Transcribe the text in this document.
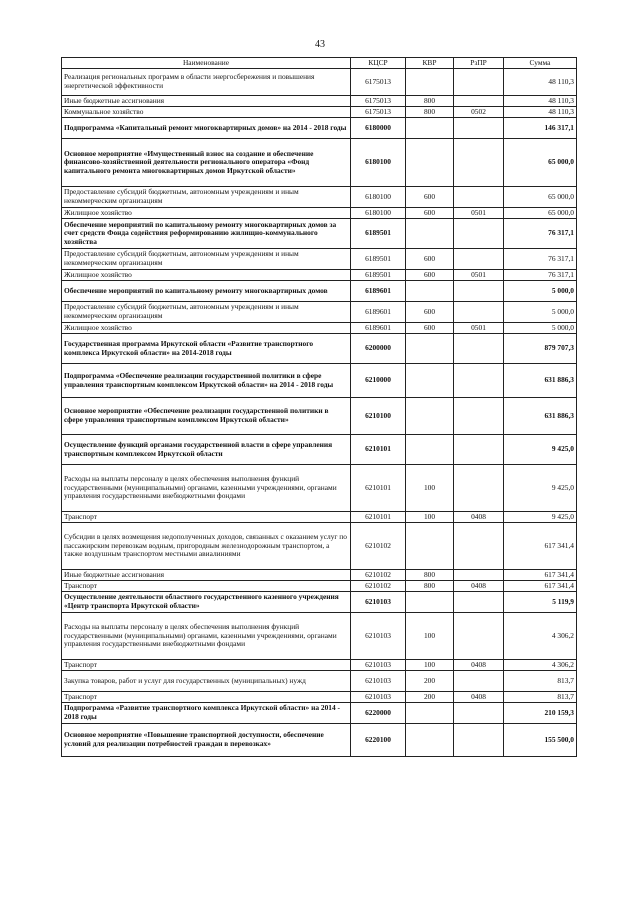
43
Наименование	КЦСР	КВР	РзПР	Сумма
Реализация региональных программ в области энергосбережения и повышения энергетической эффективности	6175013			48 110,3
Иные бюджетные ассигнования	6175013	800		48 110,3
Коммунальное хозяйство	6175013	800	0502	48 110,3
Подпрограмма «Капитальный ремонт многоквартирных домов» на 2014 - 2018 годы	6180000			146 317,1
Основное мероприятие «Имущественный взнос на создание и обеспечение финансово-хозяйственной деятельности регионального оператора «Фонд капитального ремонта многоквартирных домов Иркутской области»	6180100			65 000,0
Предоставление субсидий бюджетным, автономным учреждениям и иным некоммерческим организациям	6180100	600		65 000,0
Жилищное хозяйство	6180100	600	0501	65 000,0
Обеспечение мероприятий по капитальному ремонту многоквартирных домов за счет средств Фонда содействия реформированию жилищно-коммунального хозяйства	6189501			76 317,1
Предоставление субсидий бюджетным, автономным учреждениям и иным некоммерческим организациям	6189501	600		76 317,1
Жилищное хозяйство	6189501	600	0501	76 317,1
Обеспечение мероприятий по капитальному ремонту многоквартирных домов	6189601			5 000,0
Предоставление субсидий бюджетным, автономным учреждениям и иным некоммерческим организациям	6189601	600		5 000,0
Жилищное хозяйство	6189601	600	0501	5 000,0
Государственная программа Иркутской области «Развитие транспортного комплекса Иркутской области» на 2014-2018 годы	6200000			879 707,3
Подпрограмма «Обеспечение реализации государственной политики в сфере управления транспортным комплексом Иркутской области» на 2014 - 2018 годы	6210000			631 886,3
Основное мероприятие «Обеспечение реализации государственной политики в сфере управления транспортным комплексом Иркутской области»	6210100			631 886,3
Осуществление функций органами государственной власти в сфере управления транспортным комплексом Иркутской области	6210101			9 425,0
Расходы на выплаты персоналу в целях обеспечения выполнения функций государственными (муниципальными) органами, казенными учреждениями, органами управления государственными внебюджетными фондами	6210101	100		9 425,0
Транспорт	6210101	100	0408	9 425,0
Субсидии в целях возмещения недополученных доходов, связанных с оказанием услуг по пассажирским перевозкам водным, пригородным железнодорожным транспортом, а также воздушным транспортом местными авиалиниями	6210102			617 341,4
Иные бюджетные ассигнования	6210102	800		617 341,4
Транспорт	6210102	800	0408	617 341,4
Осуществление деятельности областного государственного казенного учреждения «Центр транспорта Иркутской области»	6210103			5 119,9
Расходы на выплаты персоналу в целях обеспечения выполнения функций государственными (муниципальными) органами, казенными учреждениями, органами управления государственными внебюджетными фондами	6210103	100		4 306,2
Транспорт	6210103	100	0408	4 306,2
Закупка товаров, работ и услуг для государственных (муниципальных) нужд	6210103	200		813,7
Транспорт	6210103	200	0408	813,7
Подпрограмма «Развитие транспортного комплекса Иркутской области» на 2014 - 2018 годы	6220000			210 159,3
Основное мероприятие «Повышение транспортной доступности, обеспечение условий для реализации потребностей граждан в перевозках»	6220100			155 500,0
